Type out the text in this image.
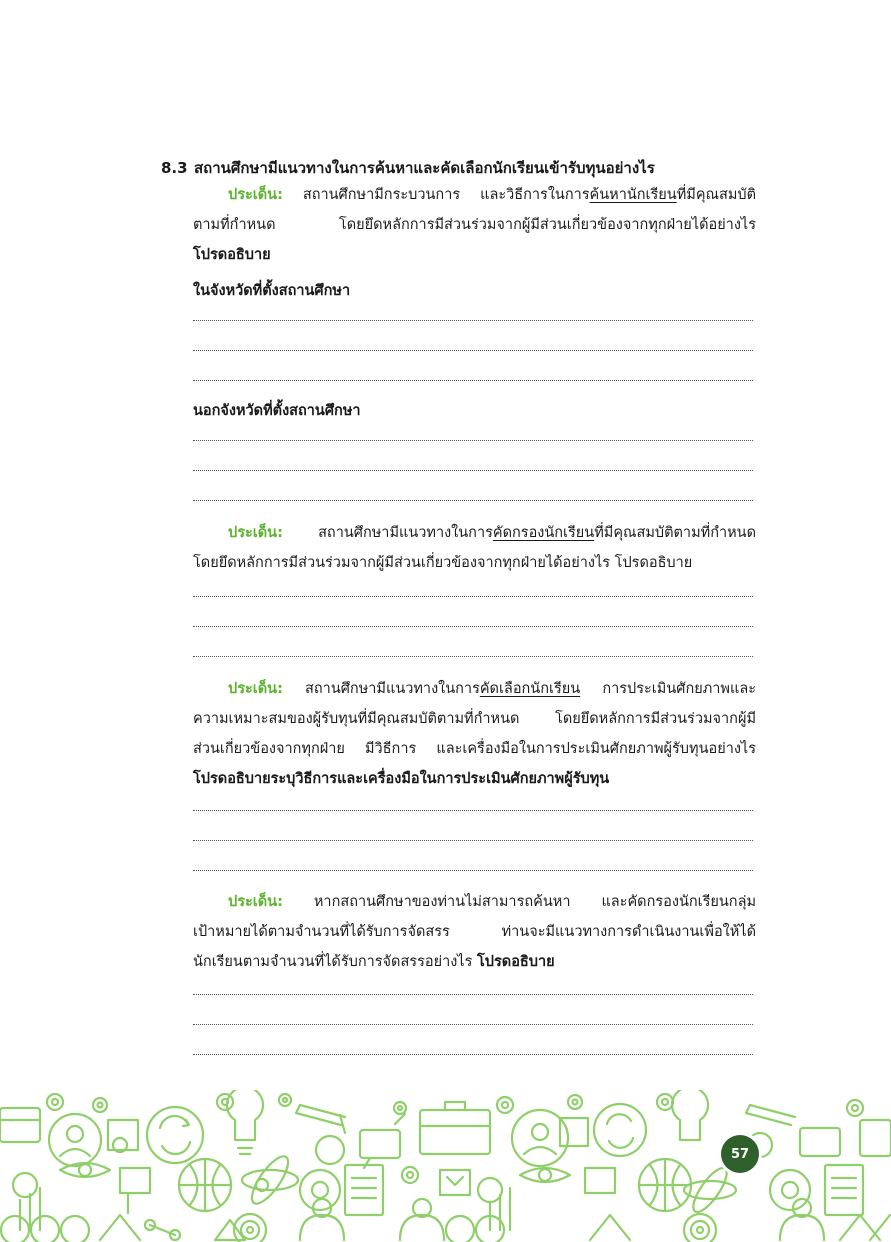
8.3 สถานศึกษามีแนวทางในการค้นหาและคัดเลือกนักเรียนเข้ารับทุนอย่างไร
ประเด็น: สถานศึกษามีกระบวนการ และวิธีการในการค้นหานักเรียนที่มีคุณสมบัติ
ตามที่กำหนด โดยยึดหลักการมีส่วนร่วมจากผู้มีส่วนเกี่ยวข้องจากทุกฝ่ายได้อย่างไร
โปรดอธิบาย
ในจังหวัดที่ตั้งสถานศึกษา
นอกจังหวัดที่ตั้งสถานศึกษา
ประเด็น: สถานศึกษามีแนวทางในการคัดกรองนักเรียนที่มีคุณสมบัติตามที่กำหนด
โดยยึดหลักการมีส่วนร่วมจากผู้มีส่วนเกี่ยวข้องจากทุกฝ่ายได้อย่างไร โปรดอธิบาย
ประเด็น: สถานศึกษามีแนวทางในการคัดเลือกนักเรียน การประเมินศักยภาพและ
ความเหมาะสมของผู้รับทุนที่มีคุณสมบัติตามที่กำหนด โดยยึดหลักการมีส่วนร่วมจากผู้มี
ส่วนเกี่ยวข้องจากทุกฝ่าย มีวิธีการ และเครื่องมือในการประเมินศักยภาพผู้รับทุนอย่างไร
โปรดอธิบายระบุวิธีการและเครื่องมือในการประเมินศักยภาพผู้รับทุน
ประเด็น: หากสถานศึกษาของท่านไม่สามารถค้นหา และคัดกรองนักเรียนกลุ่ม
เป้าหมายได้ตามจำนวนที่ได้รับการจัดสรร ท่านจะมีแนวทางการดำเนินงานเพื่อให้ได้
นักเรียนตามจำนวนที่ได้รับการจัดสรรอย่างไร โปรดอธิบาย
57
